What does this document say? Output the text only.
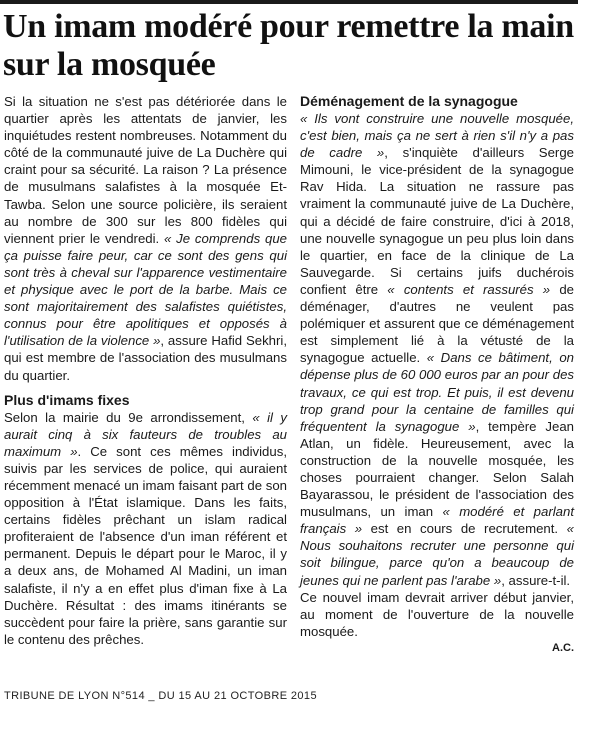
Un imam modéré pour remettre la main sur la mosquée

Si la situation ne s'est pas détériorée dans le quartier après les attentats de janvier, les inquiétudes restent nombreuses. Notamment du côté de la communauté juive de La Duchère qui craint pour sa sécurité. La raison ? La présence de musulmans salafistes à la mosquée Et-Tawba. Selon une source policière, ils seraient au nombre de 300 sur les 800 fidèles qui viennent prier le vendredi. « Je comprends que ça puisse faire peur, car ce sont des gens qui sont très à cheval sur l'apparence vestimentaire et physique avec le port de la barbe. Mais ce sont majoritairement des salafistes quiétistes, connus pour être apolitiques et opposés à l'utilisation de la violence », assure Hafid Sekhri, qui est membre de l'association des musulmans du quartier.

Plus d'imams fixes

Selon la mairie du 9e arrondissement, « il y aurait cinq à six fauteurs de troubles au maximum ». Ce sont ces mêmes individus, suivis par les services de police, qui auraient récemment menacé un imam faisant part de son opposition à l'État islamique. Dans les faits, certains fidèles prêchant un islam radical profiteraient de l'absence d'un iman référent et permanent. Depuis le départ pour le Maroc, il y a deux ans, de Mohamed Al Madini, un iman salafiste, il n'y a en effet plus d'iman fixe à La Duchère. Résultat : des imams itinérants se succèdent pour faire la prière, sans garantie sur le contenu des prêches.

Déménagement de la synagogue

« Ils vont construire une nouvelle mosquée, c'est bien, mais ça ne sert à rien s'il n'y a pas de cadre », s'inquiète d'ailleurs Serge Mimouni, le vice-président de la synagogue Rav Hida. La situation ne rassure pas vraiment la communauté juive de La Duchère, qui a décidé de faire construire, d'ici à 2018, une nouvelle synagogue un peu plus loin dans le quartier, en face de la clinique de La Sauvegarde. Si certains juifs duchérois confient être « contents et rassurés » de déménager, d'autres ne veulent pas polémiquer et assurent que ce déménagement est simplement lié à la vétusté de la synagogue actuelle. « Dans ce bâtiment, on dépense plus de 60 000 euros par an pour des travaux, ce qui est trop. Et puis, il est devenu trop grand pour la centaine de familles qui fréquentent la synagogue », tempère Jean Atlan, un fidèle. Heureusement, avec la construction de la nouvelle mosquée, les choses pourraient changer. Selon Salah Bayarassou, le président de l'association des musulmans, un iman « modéré et parlant français » est en cours de recrutement. « Nous souhaitons recruter une personne qui soit bilingue, parce qu'on a beaucoup de jeunes qui ne parlent pas l'arabe », assure-t-il.

Ce nouvel imam devrait arriver début janvier, au moment de l'ouverture de la nouvelle mosquée.

A.C.

TRIBUNE DE LYON N°514 _ DU 15 AU 21 OCTOBRE 2015
